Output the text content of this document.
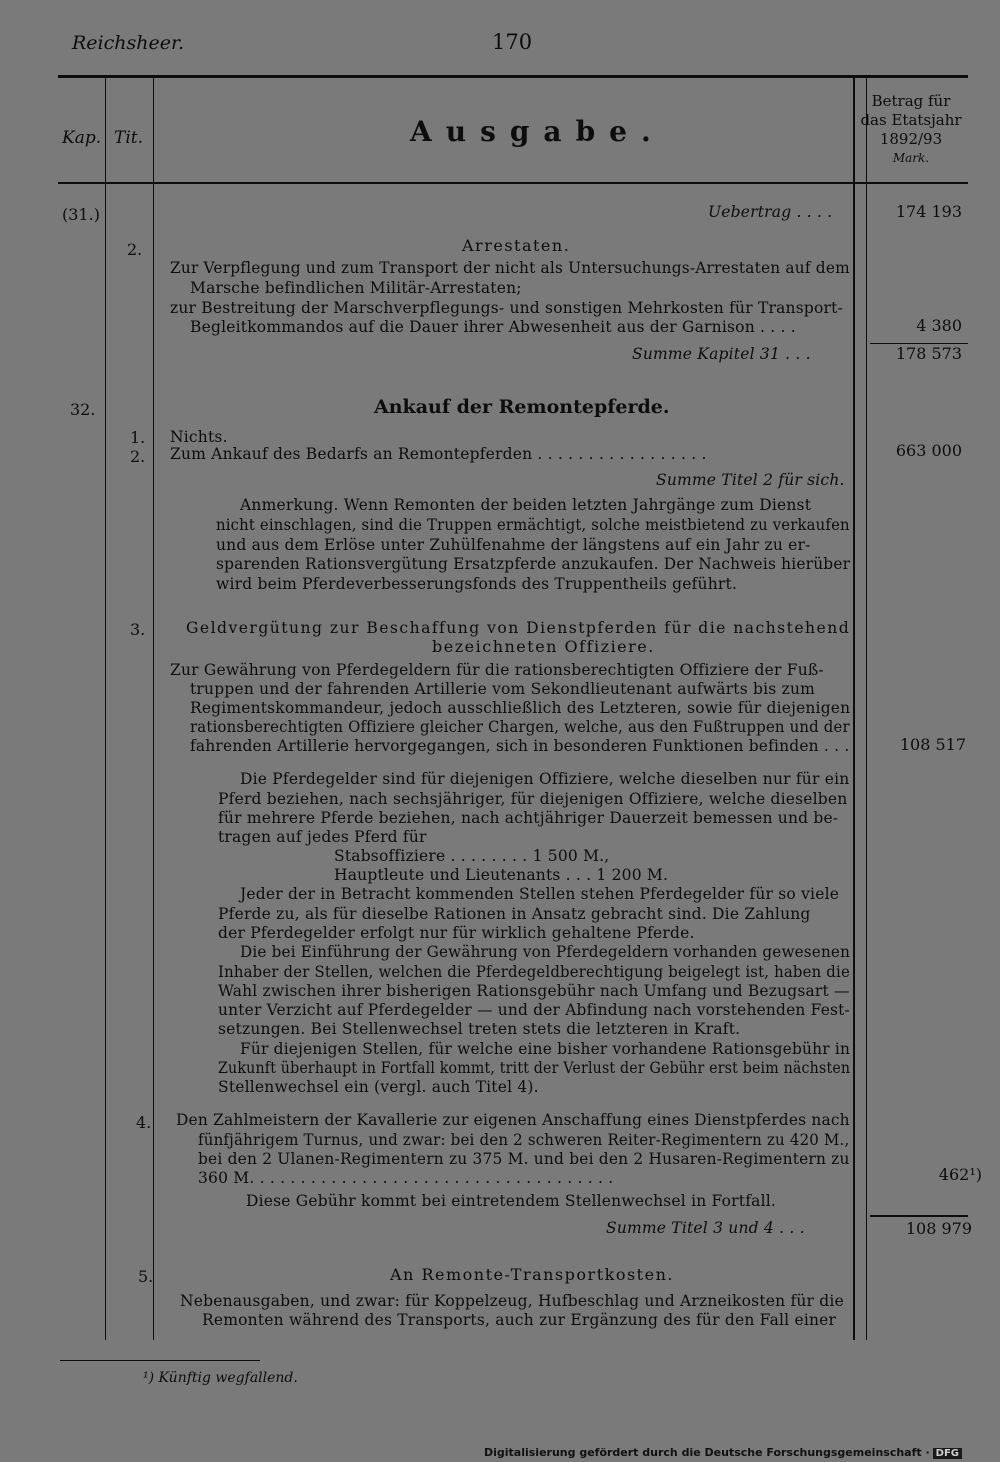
Reichsheer.	170
Kap. Tit.	Ausgabe.
Betrag für
das Etatsjahr
1892/93
Mark.
(31.)	Uebertrag . . . .	174 193
2.	Arrestaten.
Zur Verpflegung und zum Transport der nicht als Untersuchungs-Arrestaten auf dem
Marsche befindlichen Militär-Arrestaten;
zur Bestreitung der Marschverpflegungs- und sonstigen Mehrkosten für Transport-
Begleitkommandos auf die Dauer ihrer Abwesenheit aus der Garnison . . . .	4 380
Summe Kapitel 31 . . .	178 573
32.	Ankauf der Remontepferde.
1. Nichts.
2. Zum Ankauf des Bedarfs an Remontepferden . . . . . . . . . . . . . . . . .	663 000
Summe Titel 2 für sich.
Anmerkung. Wenn Remonten der beiden letzten Jahrgänge zum Dienst
nicht einschlagen, sind die Truppen ermächtigt, solche meistbietend zu verkaufen
und aus dem Erlöse unter Zuhülfenahme der längstens auf ein Jahr zu er-
sparenden Rationsvergütung Ersatzpferde anzukaufen. Der Nachweis hierüber
wird beim Pferdeverbesserungsfonds des Truppentheils geführt.
3.	Geldvergütung zur Beschaffung von Dienstpferden für die nachstehend
bezeichneten Offiziere.
Zur Gewährung von Pferdegeldern für die rationsberechtigten Offiziere der Fuß-
truppen und der fahrenden Artillerie vom Sekondlieutenant aufwärts bis zum
Regimentskommandeur, jedoch ausschließlich des Letzteren, sowie für diejenigen
rationsberechtigten Offiziere gleicher Chargen, welche, aus den Fußtruppen und der
fahrenden Artillerie hervorgegangen, sich in besonderen Funktionen befinden . . .	108 517
Die Pferdegelder sind für diejenigen Offiziere, welche dieselben nur für ein
Pferd beziehen, nach sechsjähriger, für diejenigen Offiziere, welche dieselben
für mehrere Pferde beziehen, nach achtjähriger Dauerzeit bemessen und be-
tragen auf jedes Pferd für
Stabsoffiziere . . . . . . . . 1 500 M.,
Hauptleute und Lieutenants . . . 1 200 M.
Jeder der in Betracht kommenden Stellen stehen Pferdegelder für so viele
Pferde zu, als für dieselbe Rationen in Ansatz gebracht sind. Die Zahlung
der Pferdegelder erfolgt nur für wirklich gehaltene Pferde.
Die bei Einführung der Gewährung von Pferdegeldern vorhanden gewesenen
Inhaber der Stellen, welchen die Pferdegeldberechtigung beigelegt ist, haben die
Wahl zwischen ihrer bisherigen Rationsgebühr nach Umfang und Bezugsart —
unter Verzicht auf Pferdegelder — und der Abfindung nach vorstehenden Fest-
setzungen. Bei Stellenwechsel treten stets die letzteren in Kraft.
Für diejenigen Stellen, für welche eine bisher vorhandene Rationsgebühr in
Zukunft überhaupt in Fortfall kommt, tritt der Verlust der Gebühr erst beim nächsten
Stellenwechsel ein (vergl. auch Titel 4).
4. Den Zahlmeistern der Kavallerie zur eigenen Anschaffung eines Dienstpferdes nach
fünfjährigem Turnus, und zwar: bei den 2 schweren Reiter-Regimentern zu 420 M.,
bei den 2 Ulanen-Regimentern zu 375 M. und bei den 2 Husaren-Regimentern zu
360 M. . . . . . . . . . . . . . . . . . . . . . . . . . . . . . . . . . . .	462¹)
Diese Gebühr kommt bei eintretendem Stellenwechsel in Fortfall.
Summe Titel 3 und 4 . . .	108 979
5.	An Remonte-Transportkosten.
Nebenausgaben, und zwar: für Koppelzeug, Hufbeschlag und Arzneikosten für die
Remonten während des Transports, auch zur Ergänzung des für den Fall einer
¹) Künftig wegfallend.
Digitalisierung gefördert durch die Deutsche Forschungsgemeinschaft · DFG
